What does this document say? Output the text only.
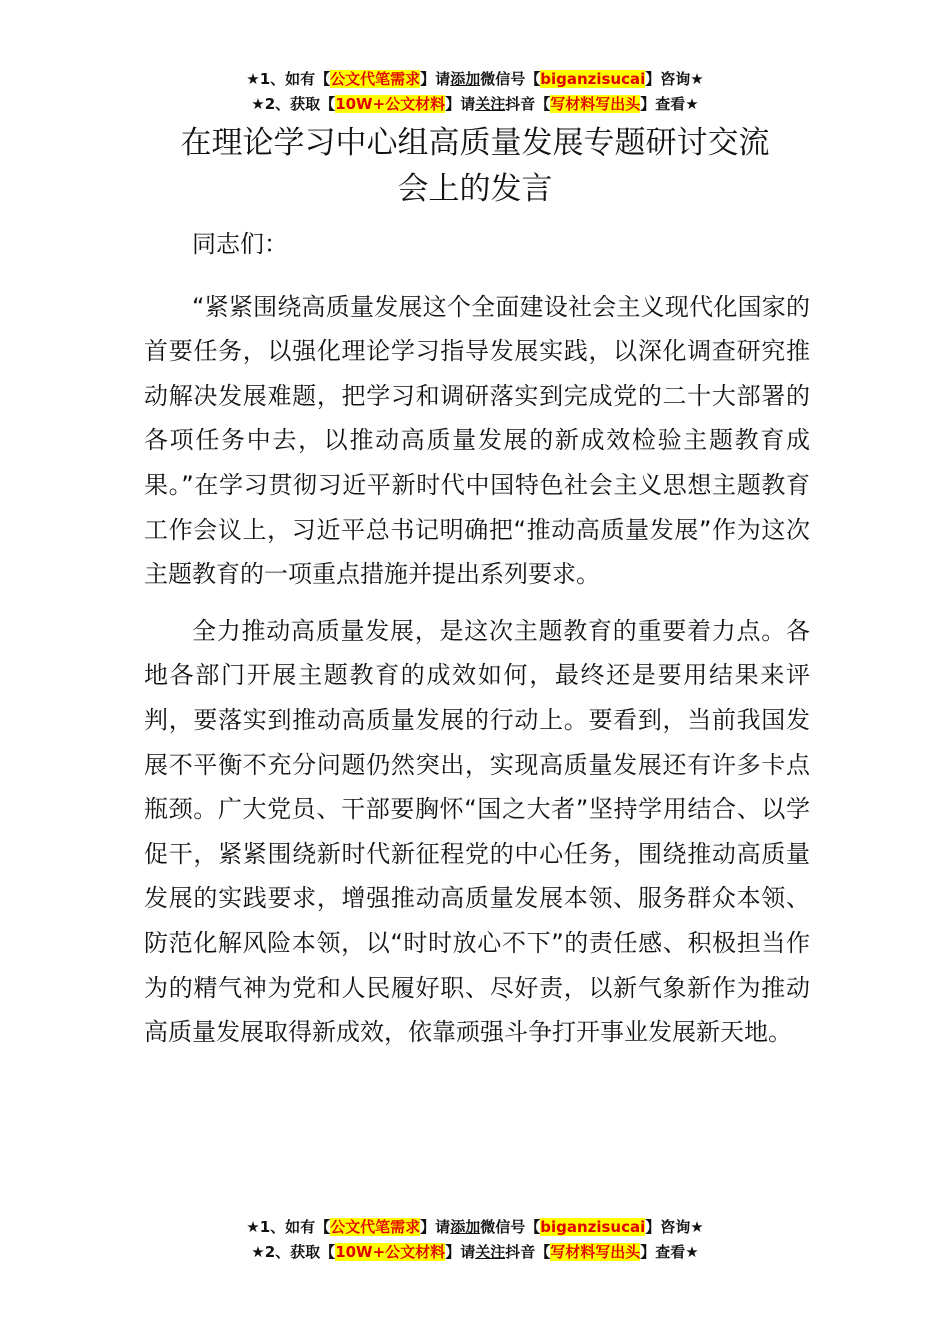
★1、如有【公文代笔需求】请添加微信号【biganzisucai】咨询★
★2、获取【10W+公文材料】请关注抖音【写材料写出头】查看★
在理论学习中心组高质量发展专题研讨交流
会上的发言

同志们：

“紧紧围绕高质量发展这个全面建设社会主义现代化国家的首要任务，以强化理论学习指导发展实践，以深化调查研究推动解决发展难题，把学习和调研落实到完成党的二十大部署的各项任务中去，以推动高质量发展的新成效检验主题教育成果。”在学习贯彻习近平新时代中国特色社会主义思想主题教育工作会议上，习近平总书记明确把“推动高质量发展”作为这次主题教育的一项重点措施并提出系列要求。

全力推动高质量发展，是这次主题教育的重要着力点。各地各部门开展主题教育的成效如何，最终还是要用结果来评判，要落实到推动高质量发展的行动上。要看到，当前我国发展不平衡不充分问题仍然突出，实现高质量发展还有许多卡点瓶颈。广大党员、干部要胸怀“国之大者”坚持学用结合、以学促干，紧紧围绕新时代新征程党的中心任务，围绕推动高质量发展的实践要求，增强推动高质量发展本领、服务群众本领、防范化解风险本领，以“时时放心不下”的责任感、积极担当作为的精气神为党和人民履好职、尽好责，以新气象新作为推动高质量发展取得新成效，依靠顽强斗争打开事业发展新天地。

★1、如有【公文代笔需求】请添加微信号【biganzisucai】咨询★
★2、获取【10W+公文材料】请关注抖音【写材料写出头】查看★
